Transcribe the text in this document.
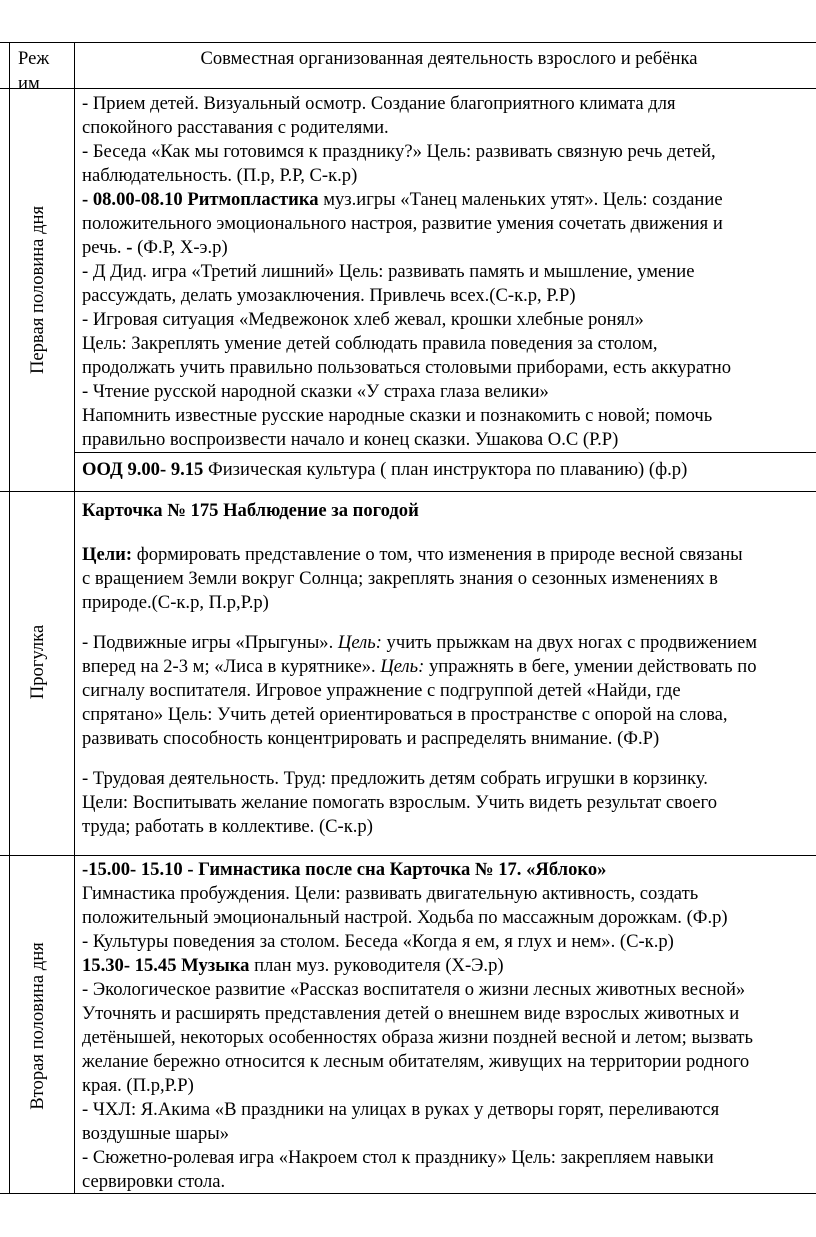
Реж
им
Совместная организованная деятельность взрослого и ребёнка
Первая половина дня
Прогулка
Вторая половина дня
- Прием детей. Визуальный осмотр. Создание благоприятного климата для
спокойного расставания с родителями.
- Беседа «Как мы готовимся к празднику?» Цель: развивать связную речь детей,
наблюдательность. (П.р, Р.Р, С-к.р)
- 08.00-08.10 Ритмопластика муз.игры «Танец маленьких утят». Цель: создание
положительного эмоционального настроя, развитие умения сочетать движения и
речь. - (Ф.Р, Х-э.р)
- Д Дид. игра «Третий лишний» Цель: развивать память и мышление, умение
рассуждать, делать умозаключения. Привлечь всех.(С-к.р, Р.Р)
- Игровая ситуация «Медвежонок хлеб жевал, крошки хлебные ронял»
Цель: Закреплять умение детей соблюдать правила поведения за столом,
продолжать учить правильно пользоваться столовыми приборами, есть аккуратно
- Чтение русской народной сказки «У страха глаза велики»
Напомнить известные русские народные сказки и познакомить с новой; помочь
правильно воспроизвести начало и конец сказки. Ушакова О.С (Р.Р)
ООД 9.00- 9.15 Физическая культура ( план инструктора по плаванию) (ф.р)
Карточка № 175 Наблюдение за погодой
Цели: формировать представление о том, что изменения в природе весной связаны
с вращением Земли вокруг Солнца; закреплять знания о сезонных изменениях в
природе.(С-к.р, П.р,Р.р)
- Подвижные игры «Прыгуны». Цель: учить прыжкам на двух ногах с продвижением
вперед на 2-3 м; «Лиса в курятнике». Цель: упражнять в беге, умении действовать по
сигналу воспитателя. Игровое упражнение с подгруппой детей «Найди, где
спрятано» Цель: Учить детей ориентироваться в пространстве с опорой на слова,
развивать способность концентрировать и распределять внимание. (Ф.Р)
- Трудовая деятельность. Труд: предложить детям собрать игрушки в корзинку.
Цели: Воспитывать желание помогать взрослым. Учить видеть результат своего
труда; работать в коллективе. (С-к.р)
-15.00- 15.10 - Гимнастика после сна Карточка № 17. «Яблоко»
Гимнастика пробуждения. Цели: развивать двигательную активность, создать
положительный эмоциональный настрой. Ходьба по массажным дорожкам. (Ф.р)
- Культуры поведения за столом. Беседа «Когда я ем, я глух и нем». (С-к.р)
15.30- 15.45 Музыка план муз. руководителя (Х-Э.р)
- Экологическое развитие «Рассказ воспитателя о жизни лесных животных весной»
Уточнять и расширять представления детей о внешнем виде взрослых животных и
детёнышей, некоторых особенностях образа жизни поздней весной и летом; вызвать
желание бережно относится к лесным обитателям, живущих на территории родного
края. (П.р,Р.Р)
- ЧХЛ: Я.Акима «В праздники на улицах в руках у детворы горят, переливаются
воздушные шары»
- Сюжетно-ролевая игра «Накроем стол к празднику» Цель: закрепляем навыки
сервировки стола.
